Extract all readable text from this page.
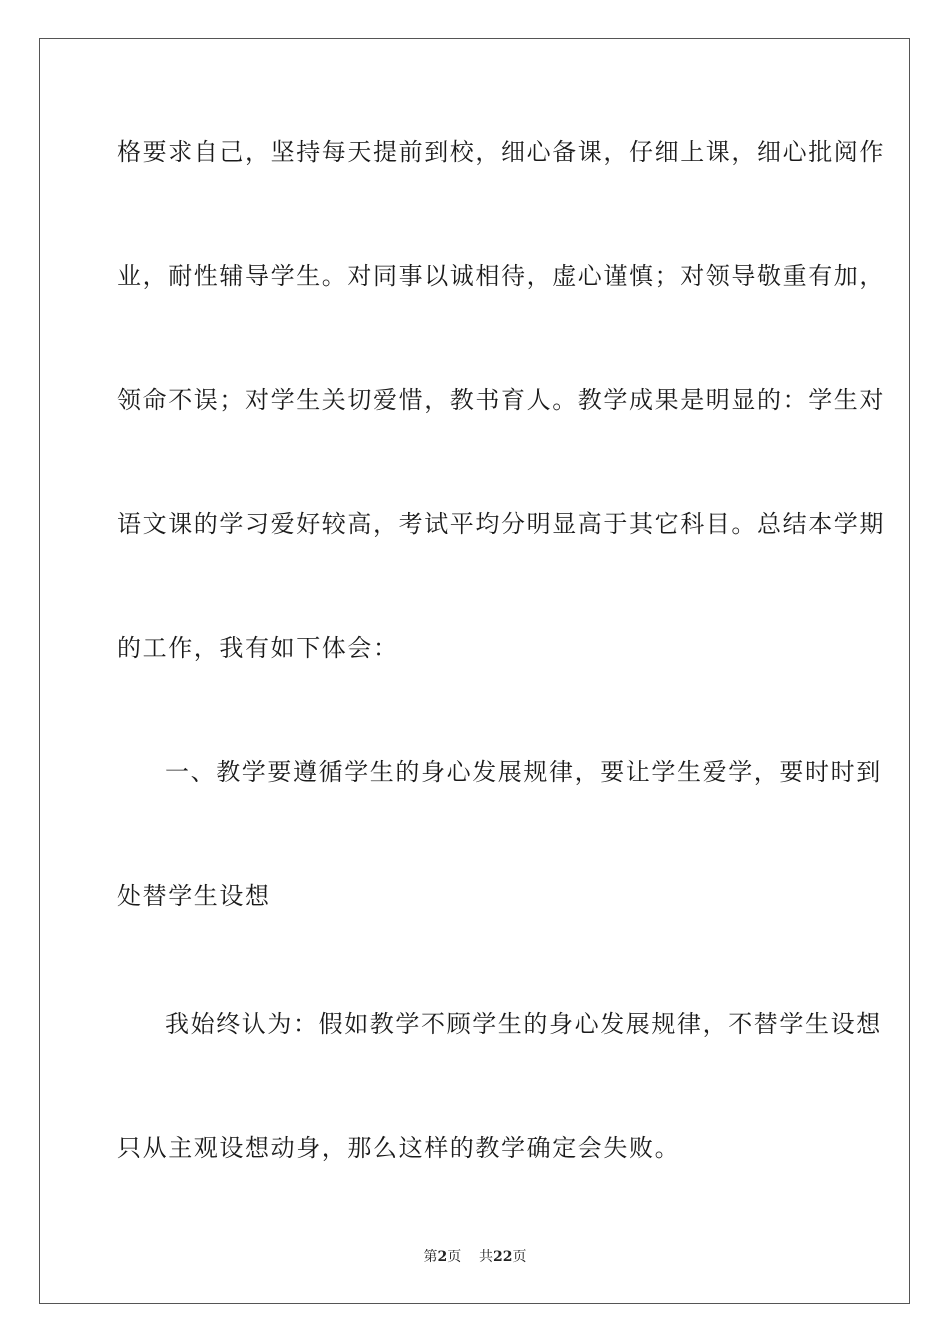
格要求自己，坚持每天提前到校，细心备课，仔细上课，细心批阅作
业，耐性辅导学生。对同事以诚相待，虚心谨慎；对领导敬重有加，
领命不误；对学生关切爱惜，教书育人。教学成果是明显的：学生对
语文课的学习爱好较高，考试平均分明显高于其它科目。总结本学期
的工作，我有如下体会：
一、教学要遵循学生的身心发展规律，要让学生爱学，要时时到
处替学生设想
我始终认为：假如教学不顾学生的身心发展规律，不替学生设想
只从主观设想动身，那么这样的教学确定会失败。
第2页 共22页
